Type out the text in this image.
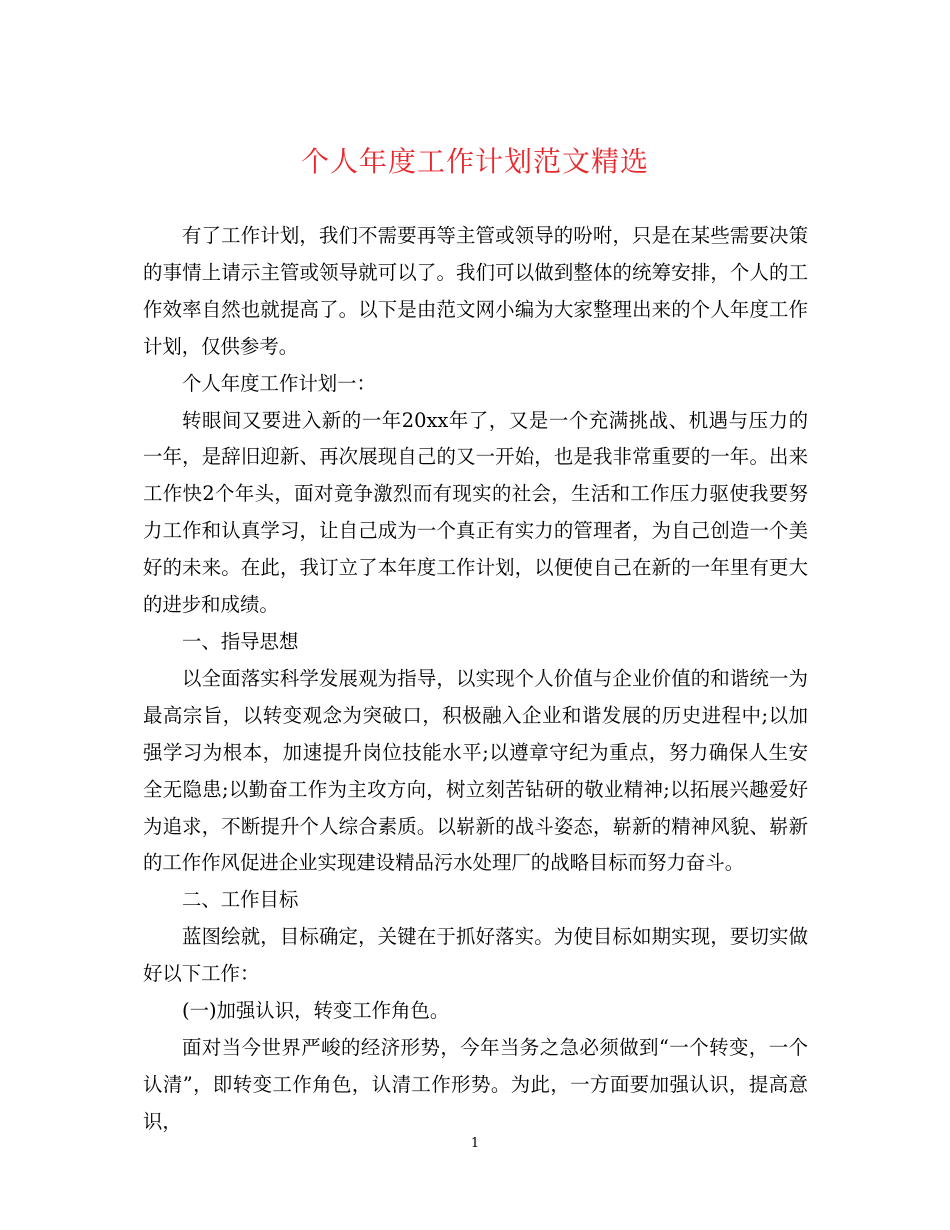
个人年度工作计划范文精选

有了工作计划，我们不需要再等主管或领导的吩咐，只是在某些需要决策的事情上请示主管或领导就可以了。我们可以做到整体的统筹安排，个人的工作效率自然也就提高了。以下是由范文网小编为大家整理出来的个人年度工作计划，仅供参考。

个人年度工作计划一：

转眼间又要进入新的一年20xx年了，又是一个充满挑战、机遇与压力的一年，是辞旧迎新、再次展现自己的又一开始，也是我非常重要的一年。出来工作快2个年头，面对竟争激烈而有现实的社会，生活和工作压力驱使我要努力工作和认真学习，让自己成为一个真正有实力的管理者，为自己创造一个美好的未来。在此，我订立了本年度工作计划，以便使自己在新的一年里有更大的进步和成绩。

一、指导思想

以全面落实科学发展观为指导，以实现个人价值与企业价值的和谐统一为最高宗旨，以转变观念为突破口，积极融入企业和谐发展的历史进程中;以加强学习为根本，加速提升岗位技能水平;以遵章守纪为重点，努力确保人生安全无隐患;以勤奋工作为主攻方向，树立刻苦钻研的敬业精神;以拓展兴趣爱好为追求，不断提升个人综合素质。以崭新的战斗姿态，崭新的精神风貌、崭新的工作作风促进企业实现建设精品污水处理厂的战略目标而努力奋斗。

二、工作目标

蓝图绘就，目标确定，关键在于抓好落实。为使目标如期实现，要切实做好以下工作：

(一)加强认识，转变工作角色。

面对当今世界严峻的经济形势，今年当务之急必须做到“一个转变，一个认清”，即转变工作角色，认清工作形势。为此，一方面要加强认识，提高意识，

1
